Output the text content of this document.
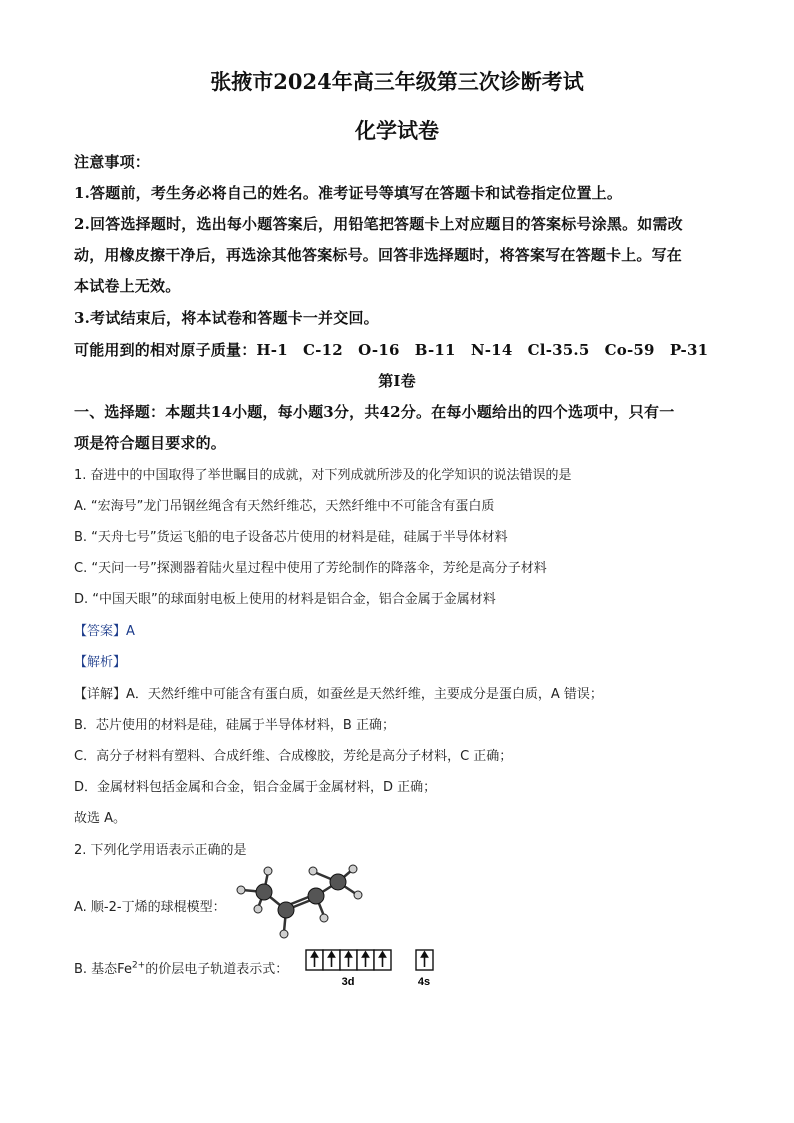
张掖市2024年高三年级第三次诊断考试
化学试卷
注意事项：
1.答题前，考生务必将自己的姓名。准考证号等填写在答题卡和试卷指定位置上。
2.回答选择题时，选出每小题答案后，用铅笔把答题卡上对应题目的答案标号涂黑。如需改
动，用橡皮擦干净后，再选涂其他答案标号。回答非选择题时，将答案写在答题卡上。写在
本试卷上无效。
3.考试结束后，将本试卷和答题卡一并交回。
可能用到的相对原子质量：H-1　C-12　O-16　B-11　N-14　Cl-35.5　Co-59　P-31
第Ⅰ卷
一、选择题：本题共14小题，每小题3分，共42分。在每小题给出的四个选项中，只有一
项是符合题目要求的。
1. 奋进中的中国取得了举世瞩目的成就，对下列成就所涉及的化学知识的说法错误的是
A. “宏海号”龙门吊钢丝绳含有天然纤维芯，天然纤维中不可能含有蛋白质
B. “天舟七号”货运飞船的电子设备芯片使用的材料是硅，硅属于半导体材料
C. “天问一号”探测器着陆火星过程中使用了芳纶制作的降落伞，芳纶是高分子材料
D. “中国天眼”的球面射电板上使用的材料是铝合金，铝合金属于金属材料
【答案】A
【解析】
【详解】A．天然纤维中可能含有蛋白质，如蚕丝是天然纤维，主要成分是蛋白质，A 错误；
B．芯片使用的材料是硅，硅属于半导体材料，B 正确；
C．高分子材料有塑料、合成纤维、合成橡胶，芳纶是高分子材料，C 正确；
D．金属材料包括金属和合金，铝合金属于金属材料，D 正确；
故选 A。
2. 下列化学用语表示正确的是
A. 顺-2-丁烯的球棍模型：
B. 基态$Fe^{2+}$的价层电子轨道表示式：
3d	4s
